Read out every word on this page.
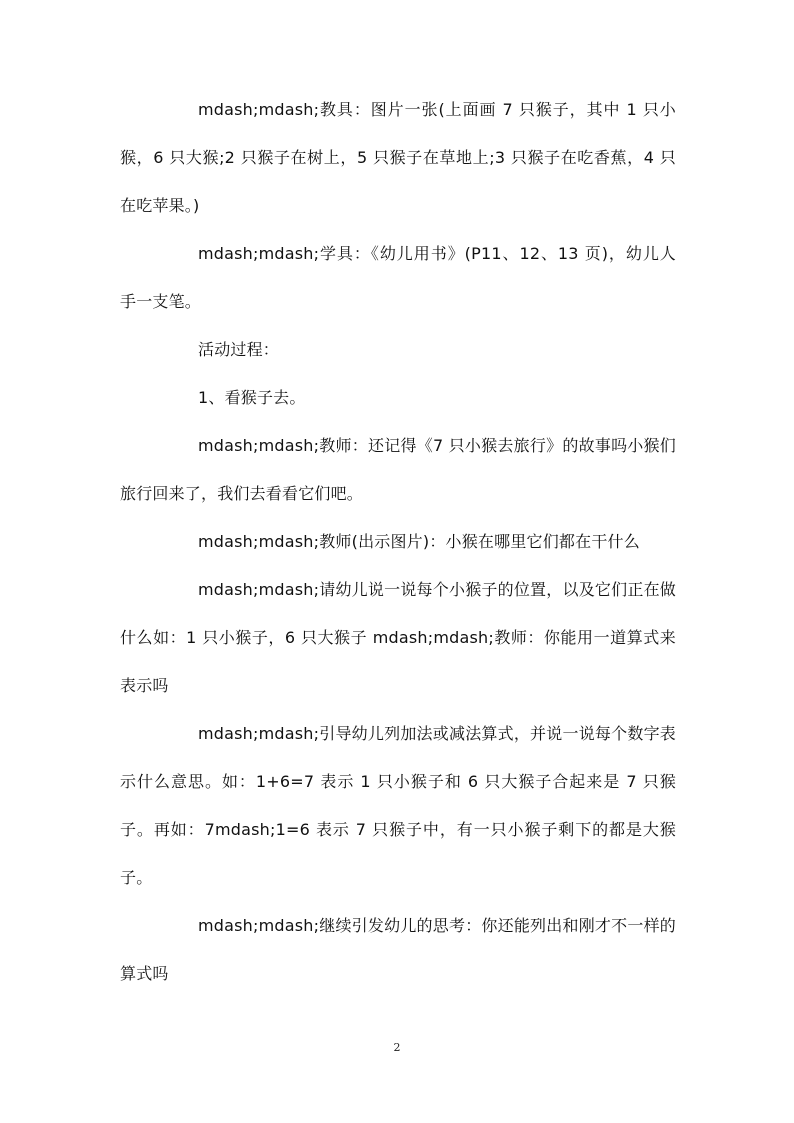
mdash;mdash;教具：图片一张(上面画 7 只猴子，其中 1 只小猴，6 只大猴;2 只猴子在树上，5 只猴子在草地上;3 只猴子在吃香蕉，4 只在吃苹果。)

mdash;mdash;学具：《幼儿用书》(P11、12、13 页)，幼儿人手一支笔。

活动过程：

1、看猴子去。

mdash;mdash;教师：还记得《7 只小猴去旅行》的故事吗小猴们旅行回来了，我们去看看它们吧。

mdash;mdash;教师(出示图片)：小猴在哪里它们都在干什么

mdash;mdash;请幼儿说一说每个小猴子的位置，以及它们正在做什么如：1 只小猴子，6 只大猴子 mdash;mdash;教师：你能用一道算式来表示吗

mdash;mdash;引导幼儿列加法或减法算式，并说一说每个数字表示什么意思。如：1+6=7 表示 1 只小猴子和 6 只大猴子合起来是 7 只猴子。再如：7mdash;1=6 表示 7 只猴子中，有一只小猴子剩下的都是大猴子。

mdash;mdash;继续引发幼儿的思考：你还能列出和刚才不一样的算式吗

2
